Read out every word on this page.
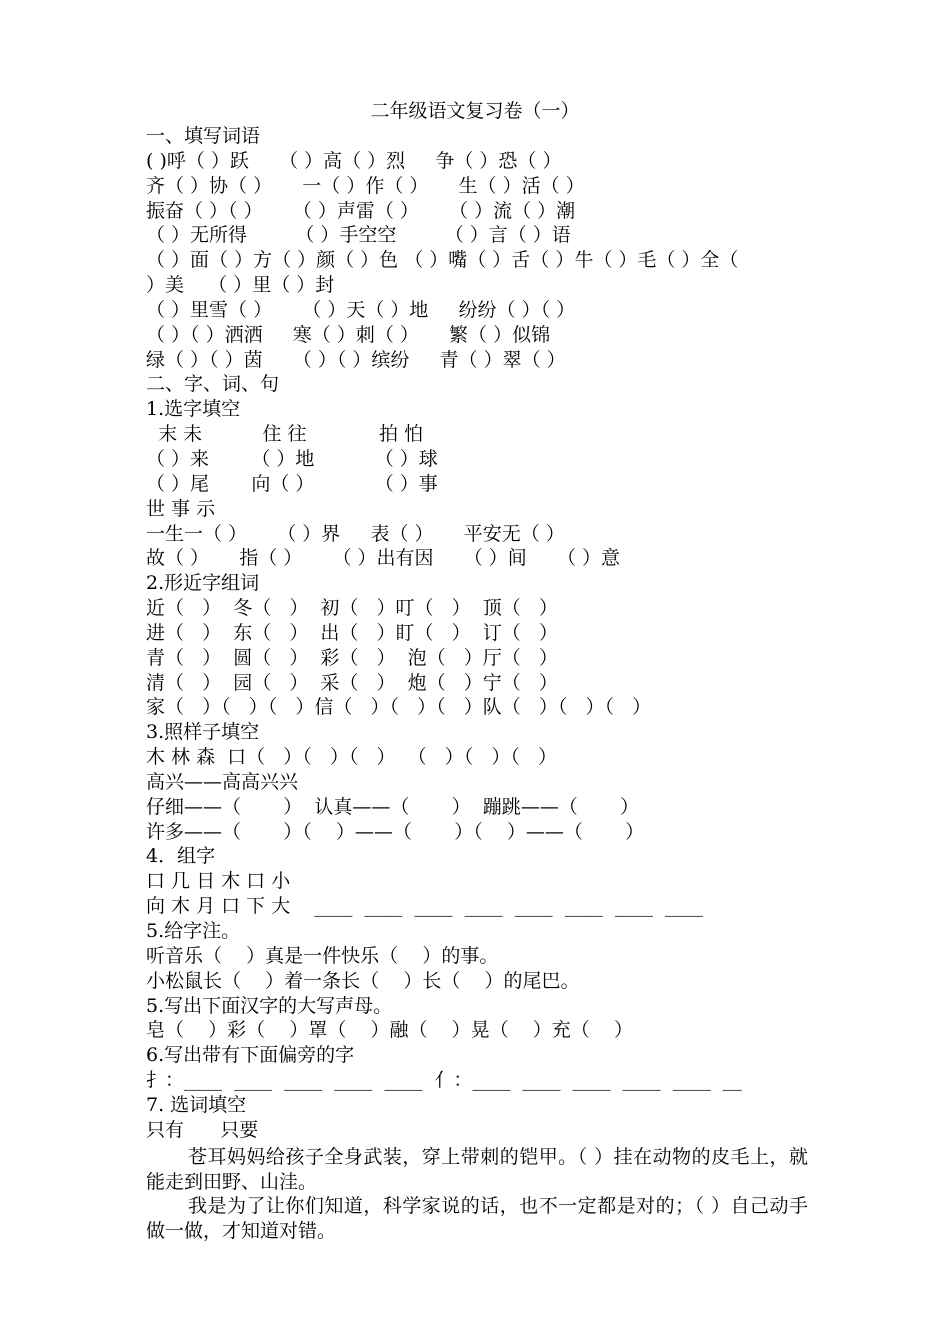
二年级语文复习卷（一）
一、填写词语
( )呼（ ）跃     （ ）高（ ）烈     争（ ）恐（ ）
齐（ ）协（ ）     一（ ）作（ ）     生（ ）活（ ）
振奋（ ）（ ）     （ ）声雷（ ）     （ ）流（ ）潮
（ ）无所得        （ ）手空空        （ ）言（ ）语
（ ）面（ ）方（ ）颜（ ）色 （ ）嘴（ ）舌（ ）牛（ ）毛（ ）全（
）美    （ ）里（ ）封
（ ）里雪（ ）     （ ）天（ ）地     纷纷（ ）（ ）
（ ）（ ）洒洒     寒（ ）刺（ ）     繁（ ）似锦
绿（ ）（ ）茵     （ ）（ ）缤纷     青（ ）翠（ ）
二、字、词、句
1.选字填空
末 未          住 往            拍 怕
（ ）来       （ ）地          （ ）球
（ ）尾       向（ ）          （ ）事
世 事 示
一生一（ ）     （ ）界     表（ ）     平安无（ ）
故（ ）     指（ ）     （ ）出有因     （ ）间     （ ）意
2.形近字组词
近（   ）  冬（   ）  初（   ）叮（   ）  顶（   ）
进（   ）  东（   ）  出（   ）盯（   ）  订（   ）
青（   ）  圆（   ）  彩（   ）  泡（   ）厅（   ）
清（   ）  园（   ）  采（   ）  炮（   ）宁（   ）
家（   ）（   ）（   ）信（   ）（   ）（   ）队（   ）（   ）（   ）
3.照样子填空
木 林 森  口（   ）（   ）（   ）  （   ）（   ）（   ）
高兴——高高兴兴
仔细——（       ）  认真——（       ）  蹦跳——（       ）
许多——（       ）（    ）——（       ）（    ）——（       ）
4．组字
口 几 日 木 口 小
向 木 月 口 下 大    ____  ____  ____  ____  ____  ____  ____  ____
5.给字注。
听音乐（    ）真是一件快乐（    ）的事。
小松鼠长（    ）着一条长（    ）长（    ）的尾巴。
5.写出下面汉字的大写声母。
皂（    ）彩（    ）罩（    ）融（    ）晃（    ）充（    ）
6.写出带有下面偏旁的字
扌：____  ____  ____  ____  ____  亻：____  ____  ____  ____  ____  __
7. 选词填空
只有      只要

苍耳妈妈给孩子全身武装，穿上带刺的铠甲。（ ）挂在动物的皮毛上，就能走到田野、山洼。

我是为了让你们知道，科学家说的话，也不一定都是对的；（ ）自己动手做一做，才知道对错。
